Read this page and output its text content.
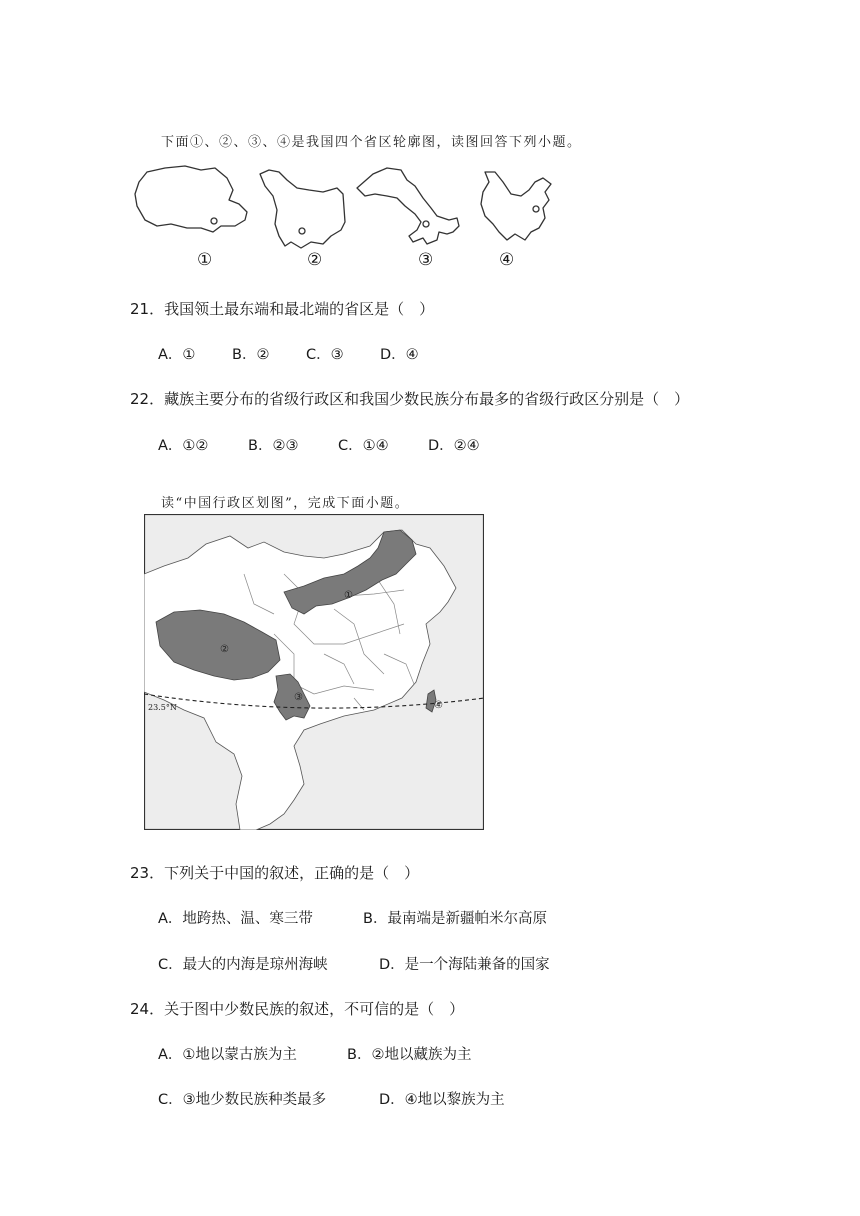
下面①、②、③、④是我国四个省区轮廓图，读图回答下列小题。
①	②	③	④
21．我国领土最东端和最北端的省区是（　）
A．①	B．②	C．③	D．④
22．藏族主要分布的省级行政区和我国少数民族分布最多的省级行政区分别是（　）
A．①②	B．②③	C．①④	D．②④
读“中国行政区划图”，完成下面小题。
①
②
③
④
23.5°N
23．下列关于中国的叙述，正确的是（　）
A．地跨热、温、寒三带	B．最南端是新疆帕米尔高原
C．最大的内海是琼州海峡	D．是一个海陆兼备的国家
24．关于图中少数民族的叙述，不可信的是（　）
A．①地以蒙古族为主	B．②地以藏族为主
C．③地少数民族种类最多	D．④地以黎族为主
